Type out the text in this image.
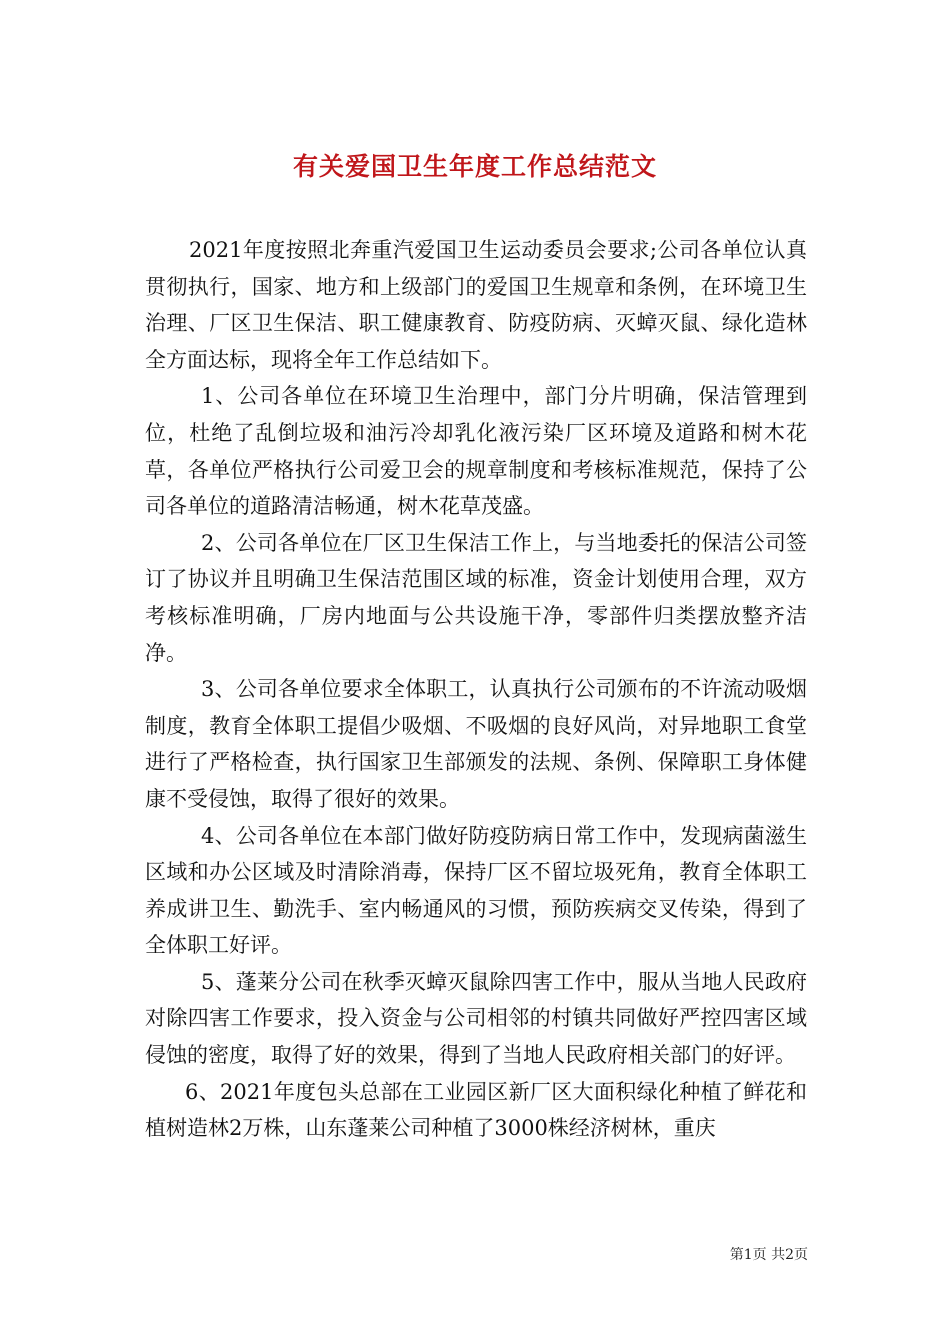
有关爱国卫生年度工作总结范文

2021年度按照北奔重汽爱国卫生运动委员会要求;公司各单位认真贯彻执行，国家、地方和上级部门的爱国卫生规章和条例，在环境卫生治理、厂区卫生保洁、职工健康教育、防疫防病、灭蟑灭鼠、绿化造林全方面达标，现将全年工作总结如下。

1、公司各单位在环境卫生治理中，部门分片明确，保洁管理到位，杜绝了乱倒垃圾和油污冷却乳化液污染厂区环境及道路和树木花草，各单位严格执行公司爱卫会的规章制度和考核标准规范，保持了公司各单位的道路清洁畅通，树木花草茂盛。

2、公司各单位在厂区卫生保洁工作上，与当地委托的保洁公司签订了协议并且明确卫生保洁范围区域的标准，资金计划使用合理，双方考核标准明确，厂房内地面与公共设施干净，零部件归类摆放整齐洁净。

3、公司各单位要求全体职工，认真执行公司颁布的不许流动吸烟制度，教育全体职工提倡少吸烟、不吸烟的良好风尚，对异地职工食堂进行了严格检查，执行国家卫生部颁发的法规、条例、保障职工身体健康不受侵蚀，取得了很好的效果。

4、公司各单位在本部门做好防疫防病日常工作中，发现病菌滋生区域和办公区域及时清除消毒，保持厂区不留垃圾死角，教育全体职工养成讲卫生、勤洗手、室内畅通风的习惯，预防疾病交叉传染，得到了全体职工好评。

5、蓬莱分公司在秋季灭蟑灭鼠除四害工作中，服从当地人民政府对除四害工作要求，投入资金与公司相邻的村镇共同做好严控四害区域侵蚀的密度，取得了好的效果，得到了当地人民政府相关部门的好评。

6、2021年度包头总部在工业园区新厂区大面积绿化种植了鲜花和植树造林2万株，山东蓬莱公司种植了3000株经济树林，重庆

第1页 共2页
